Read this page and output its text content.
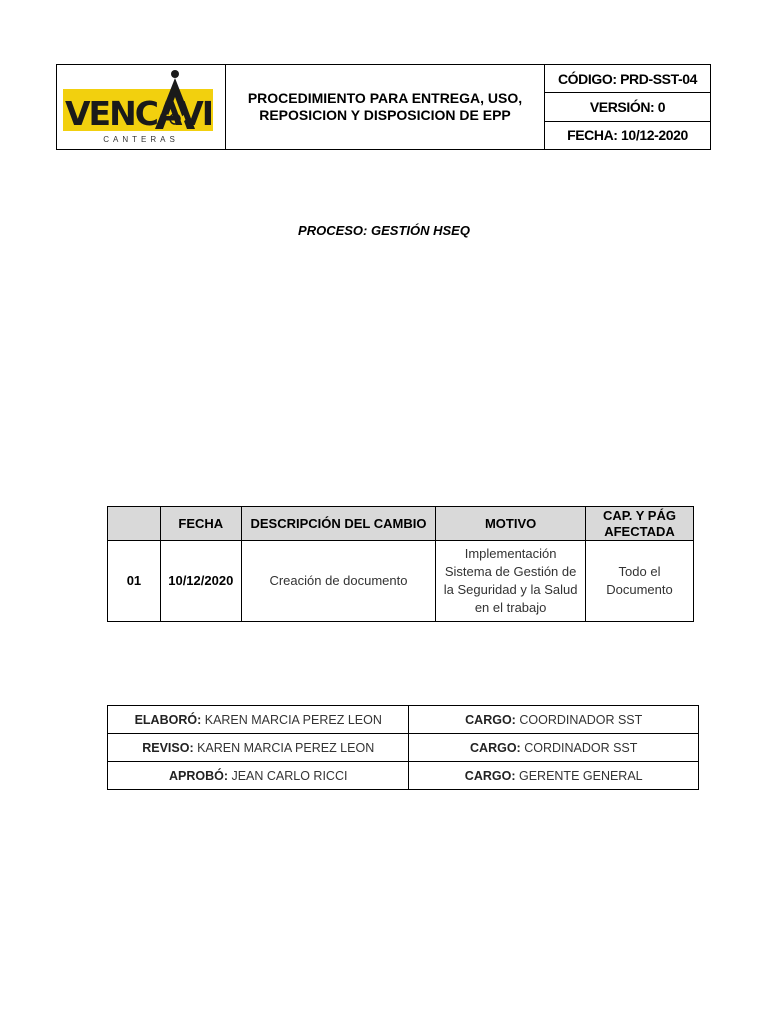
VENCAVI
CANTERAS
PROCEDIMIENTO PARA ENTREGA, USO, REPOSICION Y DISPOSICION DE EPP
CÓDIGO: PRD-SST-04
VERSIÓN: 0
FECHA: 10/12-2020
PROCESO: GESTIÓN HSEQ
	FECHA	DESCRIPCIÓN DEL CAMBIO	MOTIVO	CAP. Y PÁG AFECTADA
01	10/12/2020	Creación de documento	Implementación Sistema de Gestión de la Seguridad y la Salud en el trabajo	Todo el Documento
ELABORÓ: KAREN MARCIA PEREZ LEON	CARGO: COORDINADOR SST
REVISO: KAREN MARCIA PEREZ LEON	CARGO: CORDINADOR SST
APROBÓ: JEAN CARLO RICCI	CARGO: GERENTE GENERAL
